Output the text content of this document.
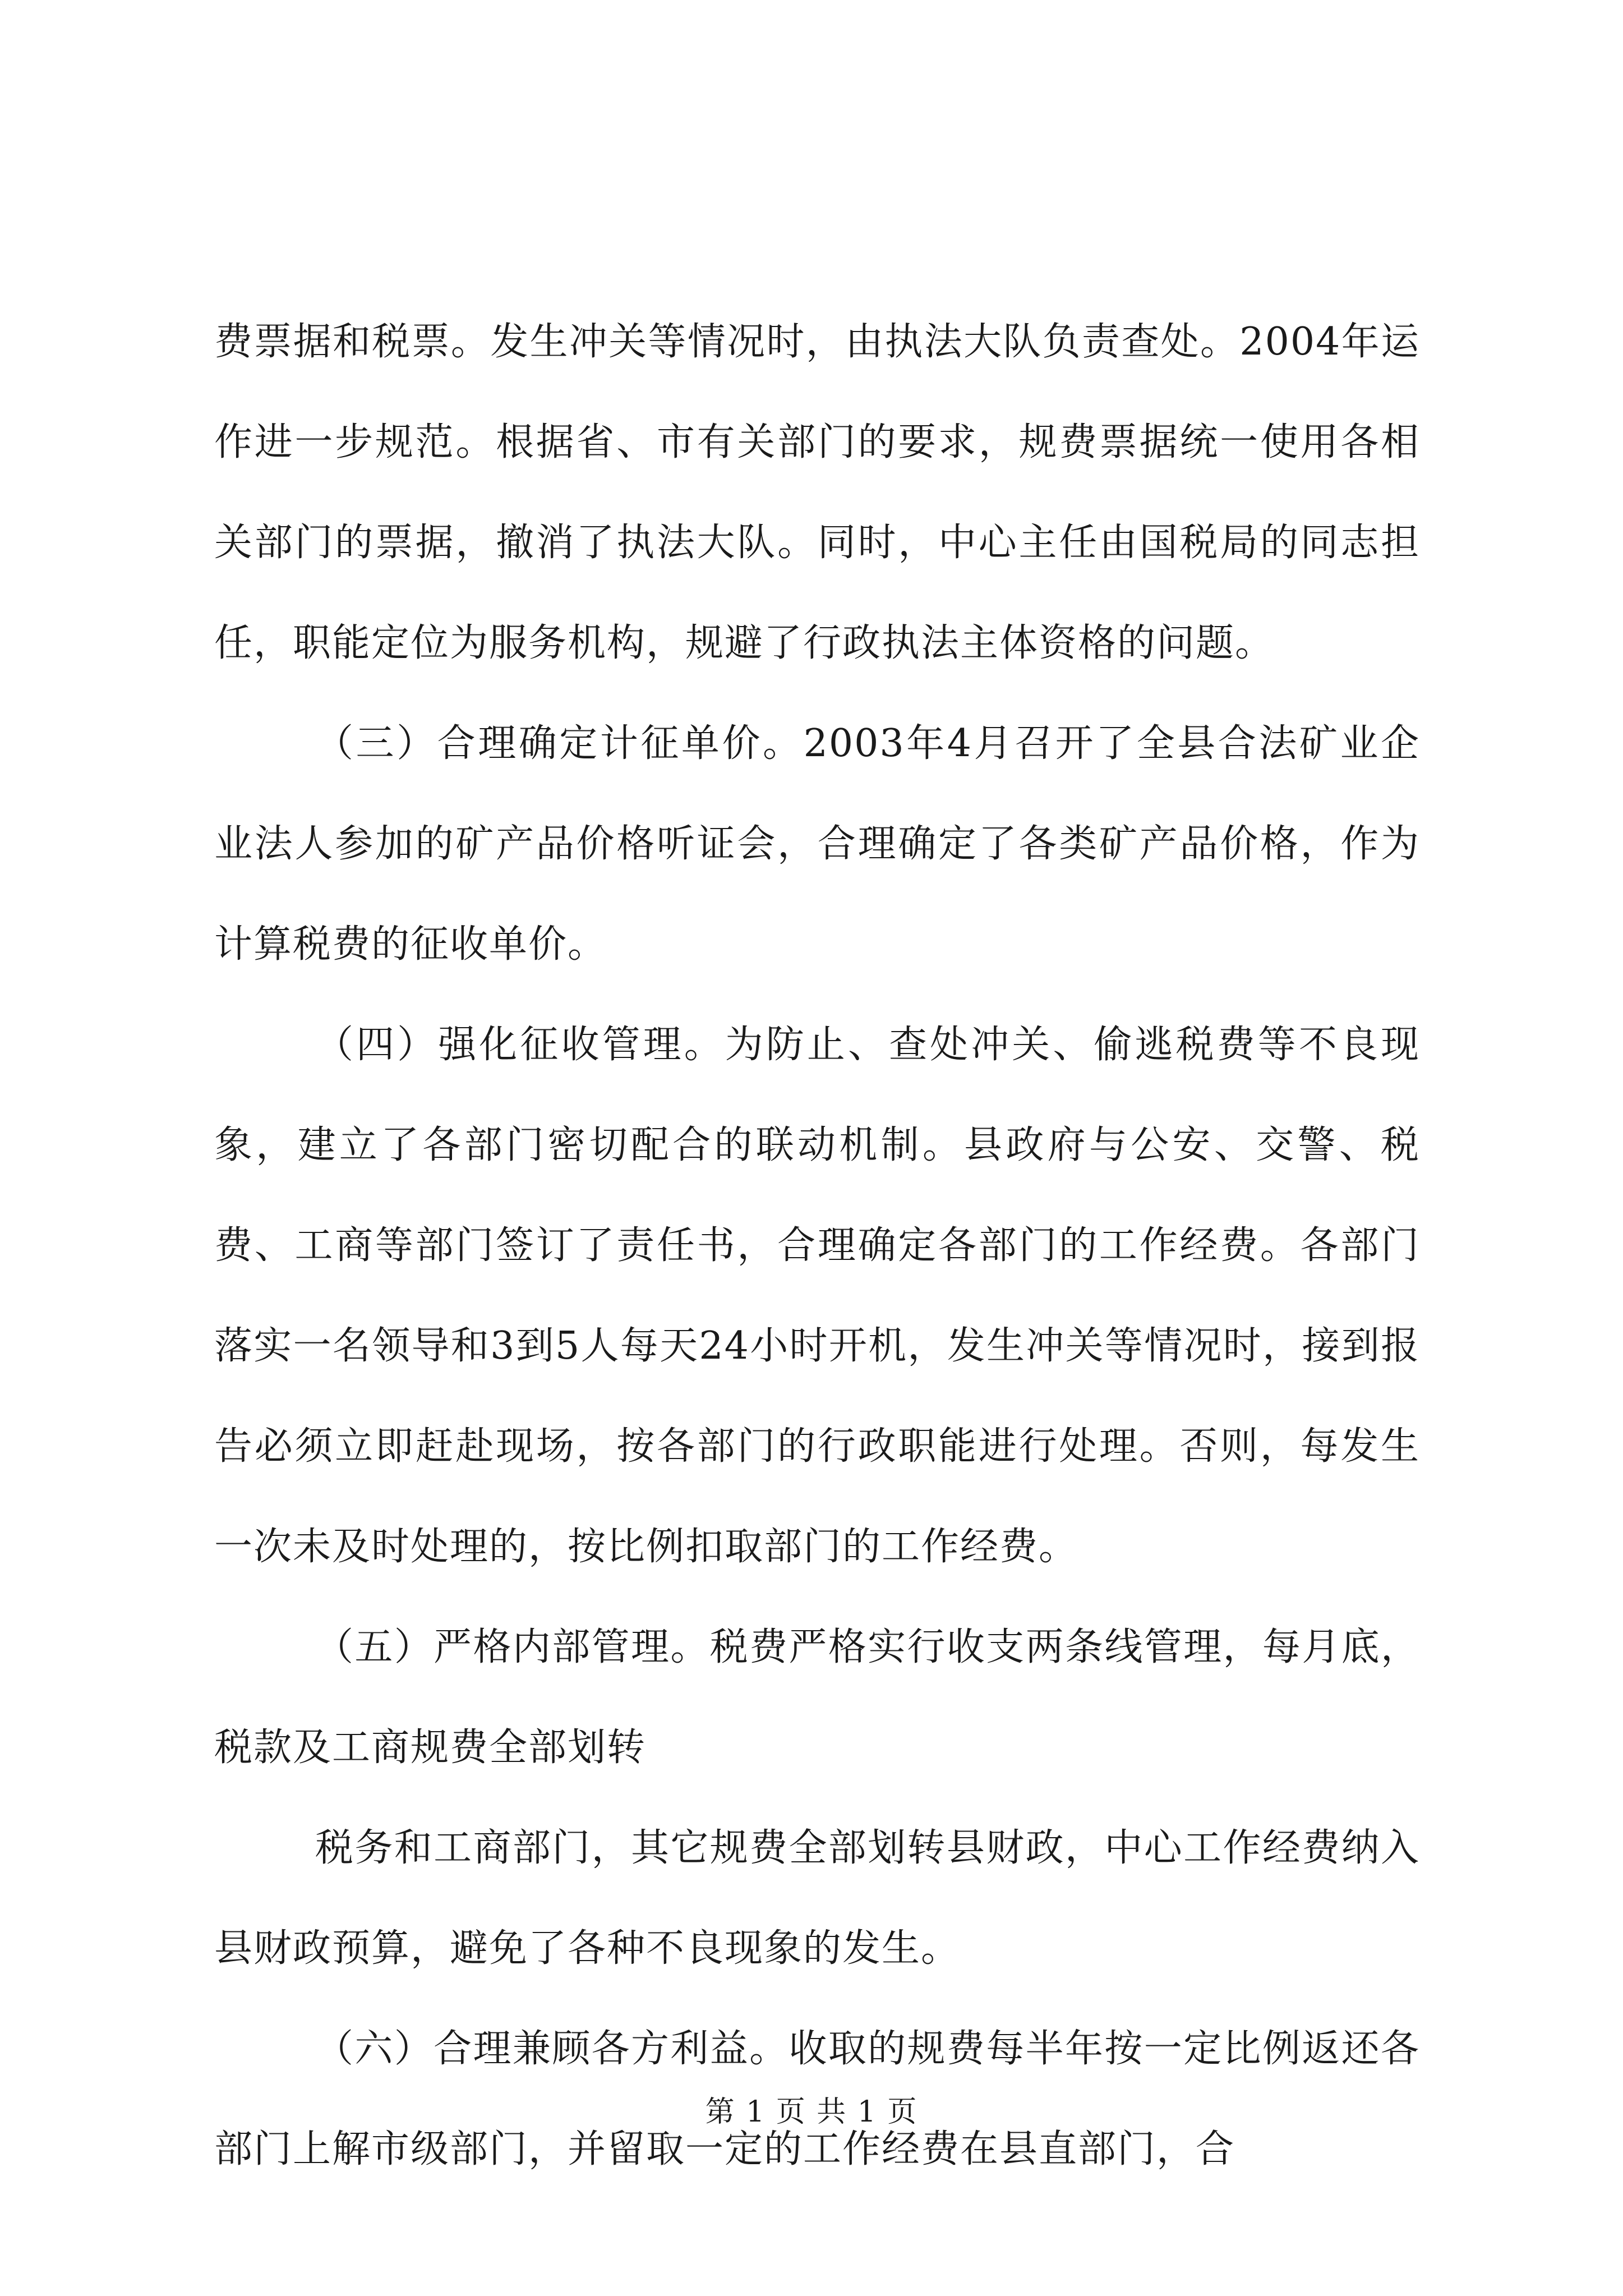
费票据和税票。发生冲关等情况时，由执法大队负责查处。2004年运作进一步规范。根据省、市有关部门的要求，规费票据统一使用各相关部门的票据，撤消了执法大队。同时，中心主任由国税局的同志担任，职能定位为服务机构，规避了行政执法主体资格的问题。

（三）合理确定计征单价。2003年4月召开了全县合法矿业企业法人参加的矿产品价格听证会，合理确定了各类矿产品价格，作为计算税费的征收单价。

（四）强化征收管理。为防止、查处冲关、偷逃税费等不良现象，建立了各部门密切配合的联动机制。县政府与公安、交警、税费、工商等部门签订了责任书，合理确定各部门的工作经费。各部门落实一名领导和3到5人每天24小时开机，发生冲关等情况时，接到报告必须立即赶赴现场，按各部门的行政职能进行处理。否则，每发生一次未及时处理的，按比例扣取部门的工作经费。

（五）严格内部管理。税费严格实行收支两条线管理，每月底，税款及工商规费全部划转

税务和工商部门，其它规费全部划转县财政，中心工作经费纳入县财政预算，避免了各种不良现象的发生。

（六）合理兼顾各方利益。收取的规费每半年按一定比例返还各部门上解市级部门，并留取一定的工作经费在县直部门，合

第 1 页 共 1 页
